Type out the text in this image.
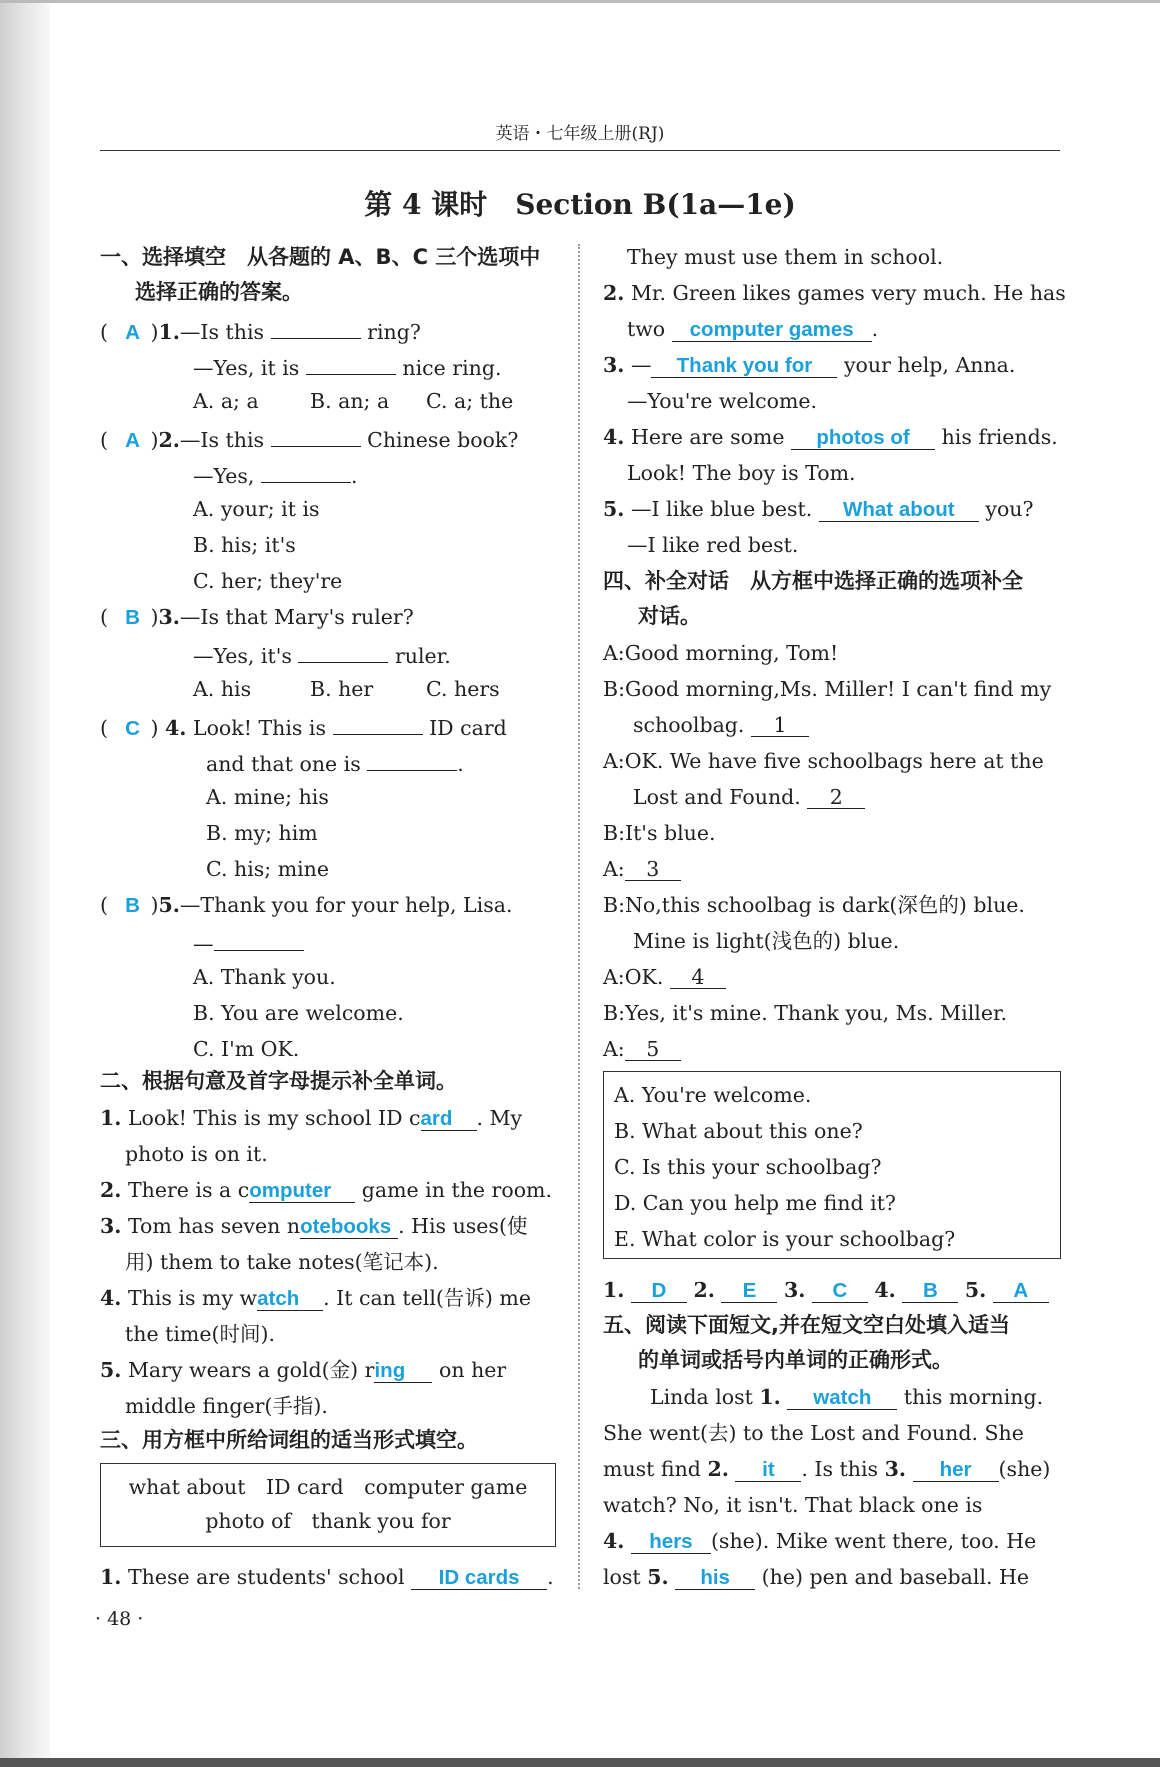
英语・七年级上册(RJ)
第 4 课时　Section B(1a—1e)
一、选择填空　从各题的 A、B、C 三个选项中
选择正确的答案。
( A )1.—Is this	ring?
—Yes, it is	nice ring.
A. a; a	B. an; a C. a; the
( A )2.—Is this	Chinese book?
—Yes,	.
A. your; it is
B. his; it's
C. her; they're
( B )3.—Is that Mary's ruler?
—Yes, it's	ruler.
A. his	B. her	C. hers
( C ) 4. Look! This is	ID card
and that one is	.
A. mine; his
B. my; him
C. his; mine
( B )5.—Thank you for your help, Lisa.
—
A. Thank you.
B. You are welcome.
C. I'm OK.
二、根据句意及首字母提示补全单词。
1. Look! This is my school ID card . My
photo is on it.
2. There is a computer game in the room.
3. Tom has seven notebooks . His uses(使
用) them to take notes(笔记本).
4. This is my watch . It can tell(告诉) me
the time(时间).
5. Mary wears a gold(金) ring on her
middle finger(手指).
三、用方框中所给词组的适当形式填空。
what about　ID card　computer game
photo of　thank you for
1. These are students' school ID cards .
They must use them in school.
2. Mr. Green likes games very much. He has
two computer games .
3. — Thank you for your help, Anna.
—You're welcome.
4. Here are some photos of his friends.
Look! The boy is Tom.
5. —I like blue best. What about you?
—I like red best.
四、补全对话　从方框中选择正确的选项补全
对话。
A:Good morning, Tom!
B:Good morning,Ms. Miller! I can't find my
schoolbag. 1
A:OK. We have five schoolbags here at the
Lost and Found. 2
B:It's blue.
A: 3
B:No,this schoolbag is dark(深色的) blue.
Mine is light(浅色的) blue.
A:OK. 4
B:Yes, it's mine. Thank you, Ms. Miller.
A: 5
A. You're welcome.
B. What about this one?
C. Is this your schoolbag?
D. Can you help me find it?
E. What color is your schoolbag?
1. D 2. E 3. C 4. B 5. A
五、阅读下面短文,并在短文空白处填入适当
的单词或括号内单词的正确形式。
Linda lost 1. watch this morning.
She went(去) to the Lost and Found. She
must find 2. it . Is this 3. her (she)
watch? No, it isn't. That black one is
4. hers (she). Mike went there, too. He
lost 5. his (he) pen and baseball. He
· 48 ·
